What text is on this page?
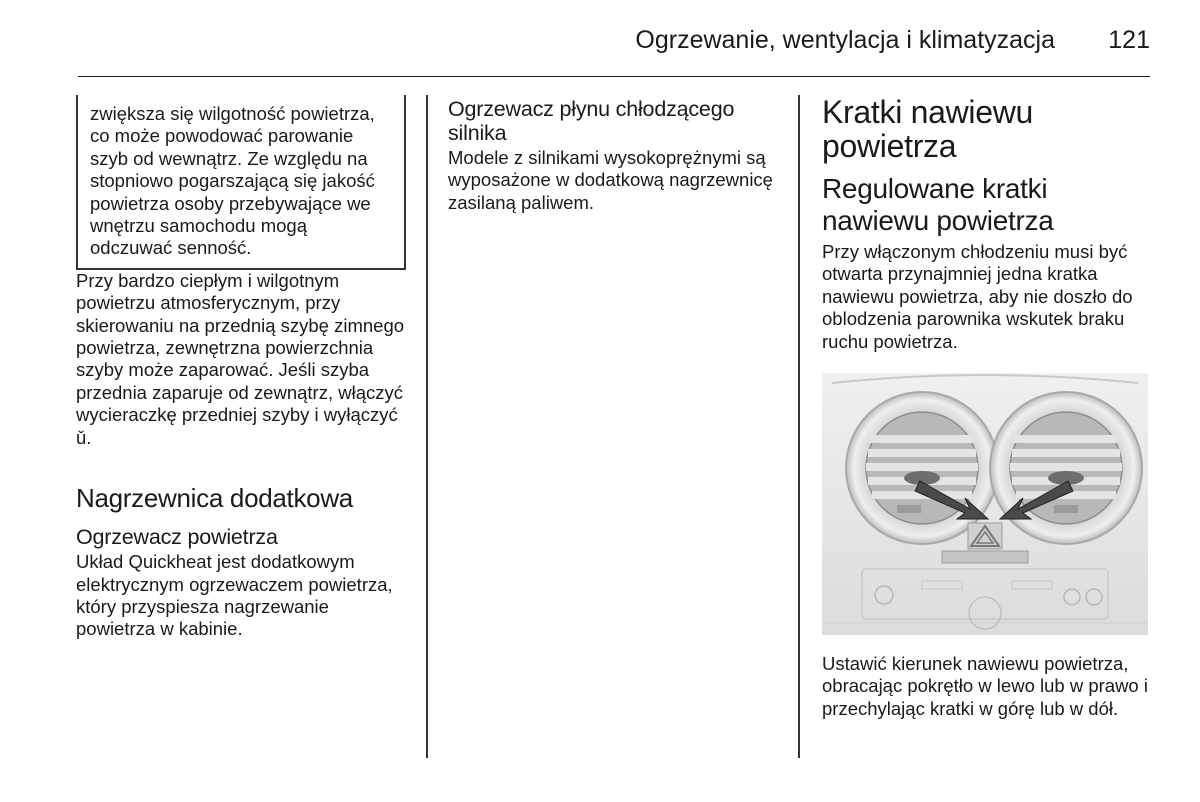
Ogrzewanie, wentylacja i klimatyzacja 121

zwiększa się wilgotność powietrza, co może powodować parowanie szyb od wewnątrz. Ze względu na stopniowo pogarszającą się jakość powietrza osoby przebywające we wnętrzu samochodu mogą odczuwać senność.

Przy bardzo ciepłym i wilgotnym powietrzu atmosferycznym, przy skierowaniu na przednią szybę zimnego powietrza, zewnętrzna powierzchnia szyby może zaparować. Jeśli szyba przednia zaparuje od zewnątrz, włączyć wycieraczkę przedniej szyby i wyłączyć ǔ.

Nagrzewnica dodatkowa
Ogrzewacz powietrza

Układ Quickheat jest dodatkowym elektrycznym ogrzewaczem powietrza, który przyspiesza nagrzewanie powietrza w kabinie.

Ogrzewacz płynu chłodzącego silnika

Modele z silnikami wysokoprężnymi są wyposażone w dodatkową nagrzewnicę zasilaną paliwem.

Kratki nawiewu powietrza
Regulowane kratki nawiewu powietrza

Przy włączonym chłodzeniu musi być otwarta przynajmniej jedna kratka nawiewu powietrza, aby nie doszło do oblodzenia parownika wskutek braku ruchu powietrza.

Ustawić kierunek nawiewu powietrza, obracając pokrętło w lewo lub w prawo i przechylając kratki w górę lub w dół.
